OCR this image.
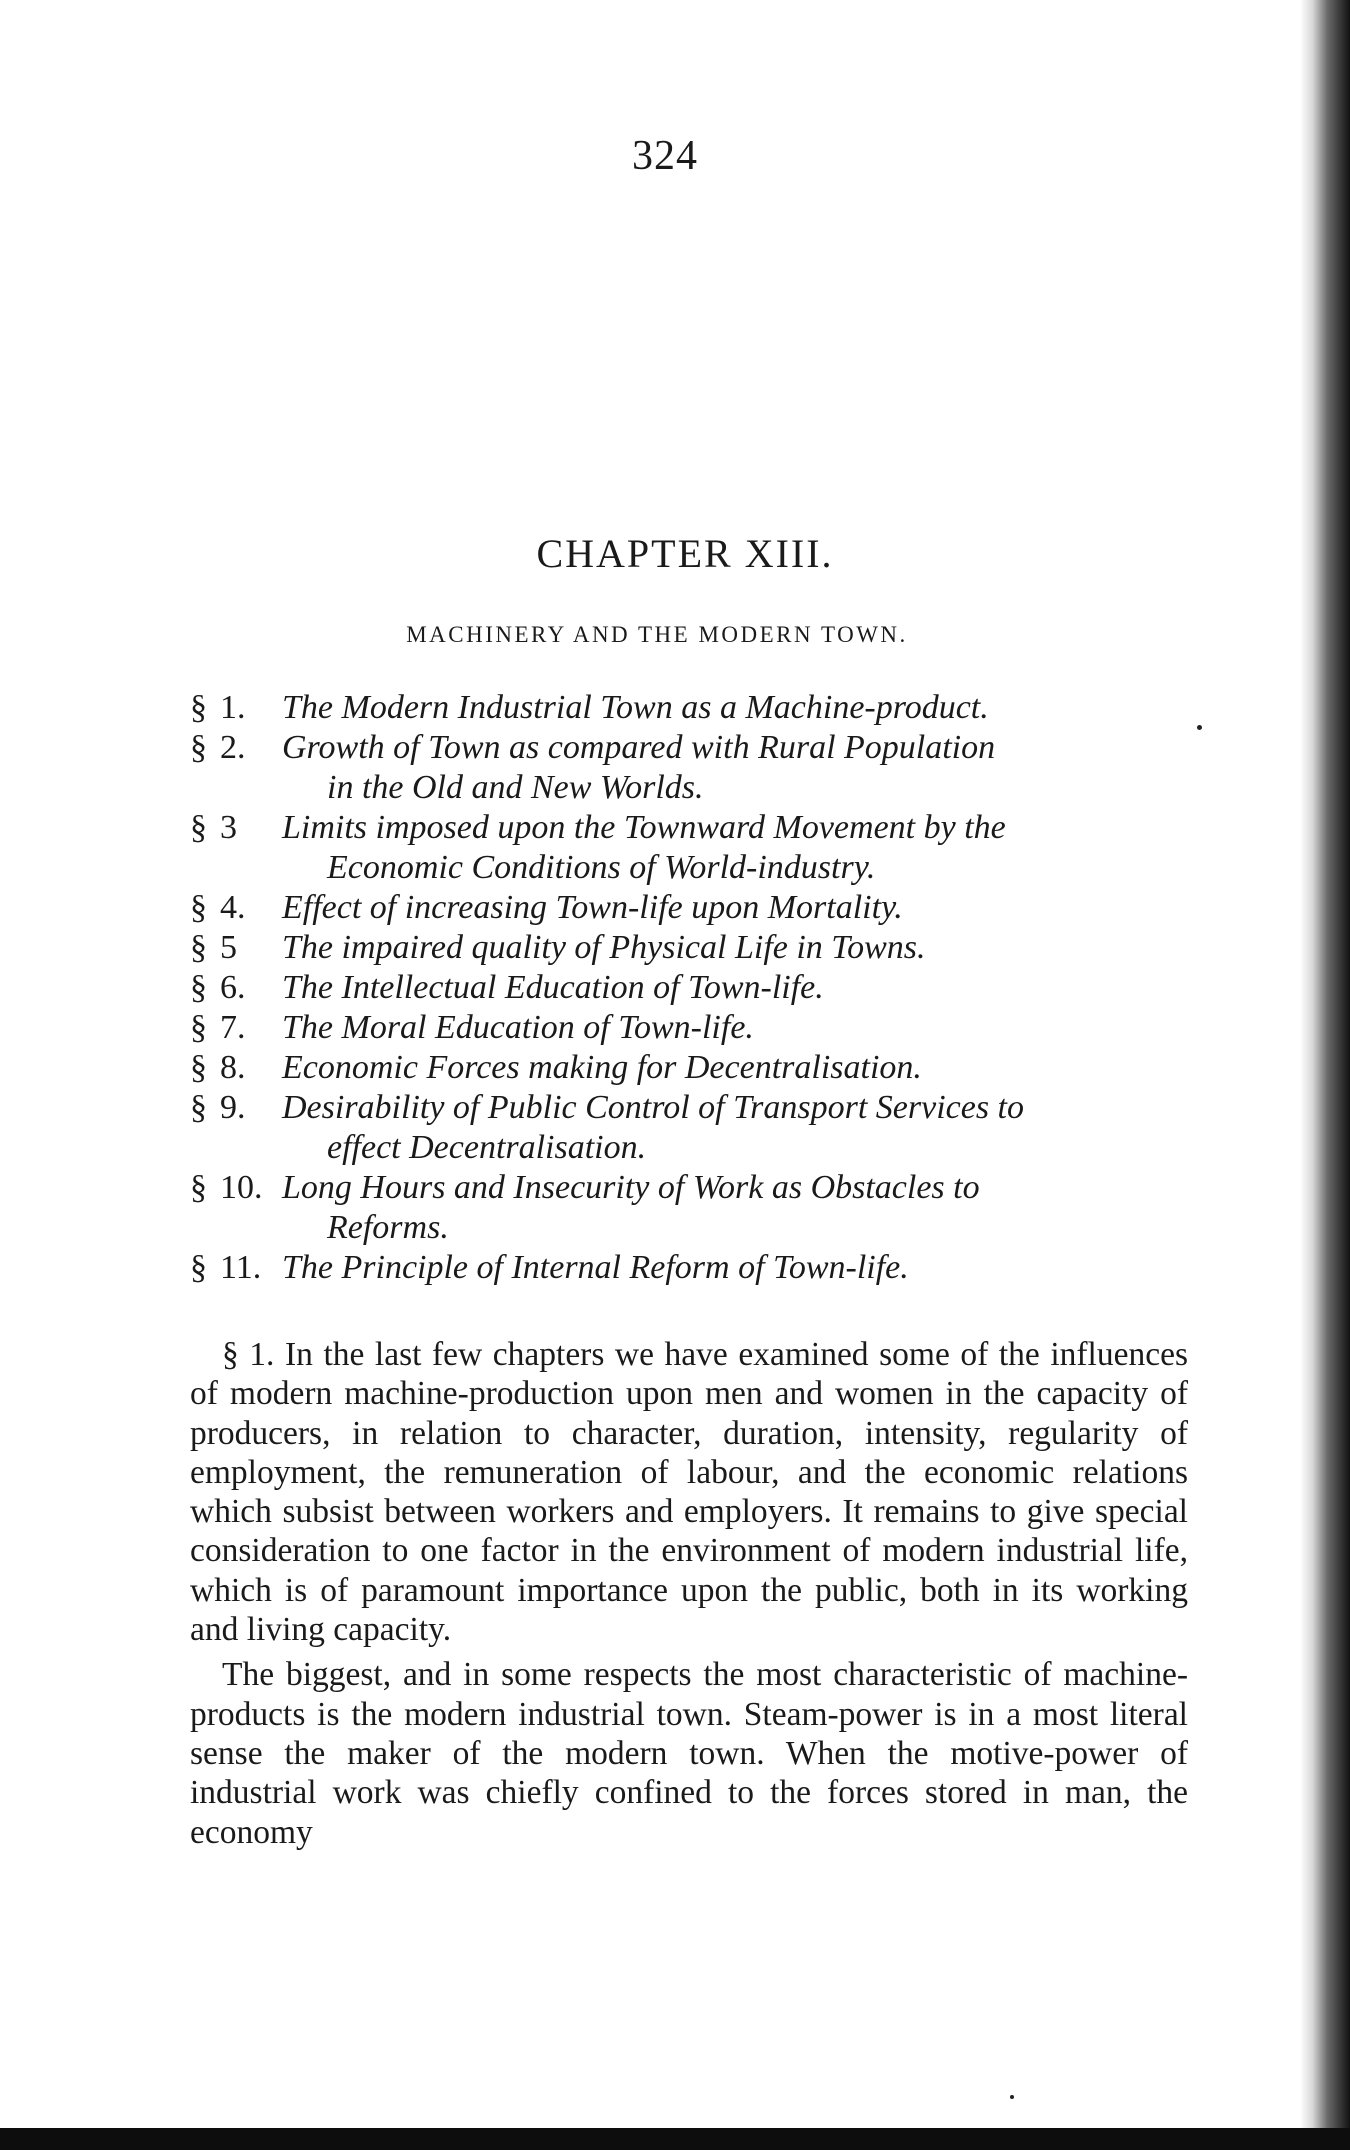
324
CHAPTER XIII.
MACHINERY AND THE MODERN TOWN.
§ 1.	The Modern Industrial Town as a Machine-product.
§ 2.	Growth of Town as compared with Rural Population
in the Old and New Worlds.
§ 3	Limits imposed upon the Townward Movement by the
Economic Conditions of World-industry.
§ 4.	Effect of increasing Town-life upon Mortality.
§ 5	The impaired quality of Physical Life in Towns.
§ 6.	The Intellectual Education of Town-life.
§ 7.	The Moral Education of Town-life.
§ 8.	Economic Forces making for Decentralisation.
§ 9.	Desirability of Public Control of Transport Services to
effect Decentralisation.
§ 10. Long Hours and Insecurity of Work as Obstacles to
Reforms.
§ 11. The Principle of Internal Reform of Town-life.

§ 1. In the last few chapters we have examined some of the influences of modern machine-production upon men and women in the capacity of producers, in relation to character, duration, intensity, regularity of employment, the remuneration of labour, and the economic relations which subsist between workers and employers. It remains to give special consideration to one factor in the environment of modern industrial life, which is of paramount importance upon the public, both in its working and living capacity.

The biggest, and in some respects the most characteristic of machine-products is the modern industrial town. Steam-power is in a most literal sense the maker of the modern town. When the motive-power of industrial work was chiefly confined to the forces stored in man, the economy
